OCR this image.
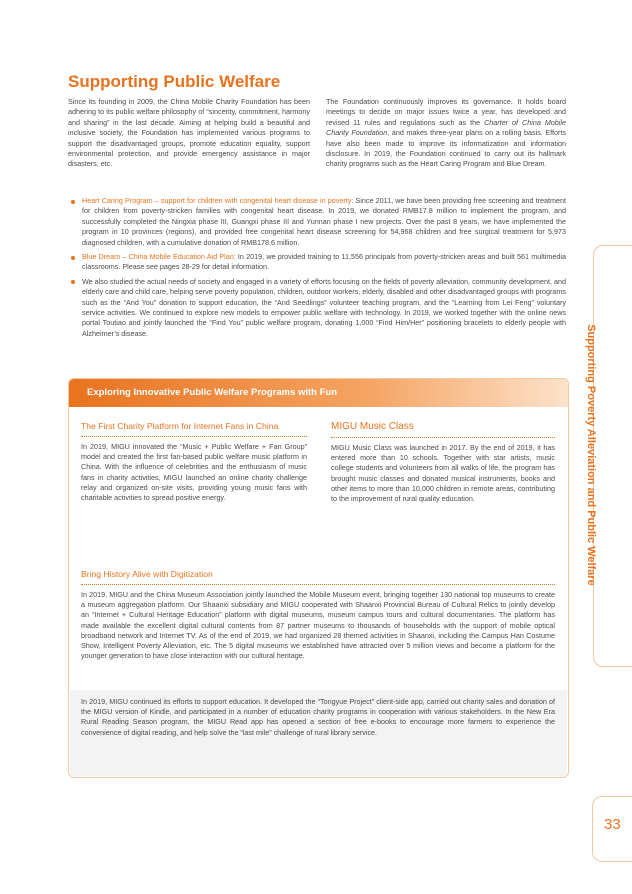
Supporting Public Welfare

Since its founding in 2009, the China Mobile Charity Foundation has been adhering to its public welfare philosophy of “sincerity, commitment, harmony and sharing” in the last decade. Aiming at helping build a beautiful and inclusive society, the Foundation has implemented various programs to support the disadvantaged groups, promote education equality, support environmental protection, and provide emergency assistance in major disasters, etc.

The Foundation continuously improves its governance. It holds board meetings to decide on major issues twice a year, has developed and revised 11 rules and regulations such as the Charter of China Mobile Charity Foundation, and makes three-year plans on a rolling basis. Efforts have also been made to improve its informatization and information disclosure. In 2019, the Foundation continued to carry out its hallmark charity programs such as the Heart Caring Program and Blue Dream.

Heart Caring Program – support for children with congenital heart disease in poverty: Since 2011, we have been providing free screening and treatment for children from poverty-stricken families with congenital heart disease. In 2019, we donated RMB17.8 million to implement the program, and successfully completed the Ningxia phase III, Guangxi phase III and Yunnan phase I new projects. Over the past 8 years, we have implemented the program in 10 provinces (regions), and provided free congenital heart disease screening for 54,968 children and free surgical treatment for 5,973 diagnosed children, with a cumulative donation of RMB178.6 million.
Blue Dream – China Mobile Education Aid Plan: In 2019, we provided training to 11,556 principals from poverty-stricken areas and built 561 multimedia classrooms. Please see pages 28-29 for detail information.
We also studied the actual needs of society and engaged in a variety of efforts focusing on the fields of poverty alleviation, community development, and elderly care and child care, helping serve poverty population, children, outdoor workers, elderly, disabled and other disadvantaged groups with programs such as the “And You” donation to support education, the “And Seedlings” volunteer teaching program, and the “Learning from Lei Feng” voluntary service activities. We continued to explore new models to empower public welfare with technology. In 2019, we worked together with the online news portal Toutiao and jointly launched the “Find You” public welfare program, donating 1,000 “Find Him/Her” positioning bracelets to elderly people with Alzheimer’s disease.
Exploring Innovative Public Welfare Programs with Fun
The First Charity Platform for Internet Fans in China

In 2019, MIGU innovated the “Music + Public Welfare + Fan Group” model and created the first fan-based public welfare music platform in China. With the influence of celebrities and the enthusiasm of music fans in charity activities, MIGU launched an online charity challenge relay and organized on-site visits, providing young music fans with charitable activities to spread positive energy.

MIGU Music Class

MIGU Music Class was launched in 2017. By the end of 2019, it has entered more than 10 schools. Together with star artists, music college students and volunteers from all walks of life, the program has brought music classes and donated musical instruments, books and other items to more than 10,000 children in remote areas, contributing to the improvement of rural quality education.

Bring History Alive with Digitization

In 2019, MIGU and the China Museum Association jointly launched the Mobile Museum event, bringing together 130 national top museums to create a museum aggregation platform. Our Shaanxi subsidiary and MIGU cooperated with Shaanxi Provincial Bureau of Cultural Relics to jointly develop an “Internet + Cultural Heritage Education” platform with digital museums, museum campus tours and cultural documentaries. The platform has made available the excellent digital cultural contents from 87 partner museums to thousands of households with the support of mobile optical broadband network and Internet TV. As of the end of 2019, we had organized 28 themed activities in Shaanxi, including the Campus Han Costume Show, Intelligent Poverty Alleviation, etc. The 5 digital museums we established have attracted over 5 million views and become a platform for the younger generation to have close interaction with our cultural heritage.

In 2019, MIGU continued its efforts to support education. It developed the “Tongyue Project” client-side app, carried out charity sales and donation of the MIGU version of Kindle, and participated in a number of education charity programs in cooperation with various stakeholders. In the New Era Rural Reading Season program, the MIGU Read app has opened a section of free e-books to encourage more farmers to experience the convenience of digital reading, and help solve the “last mile” challenge of rural library service.

Supporting Poverty Alleviation and Public Welfare
33
